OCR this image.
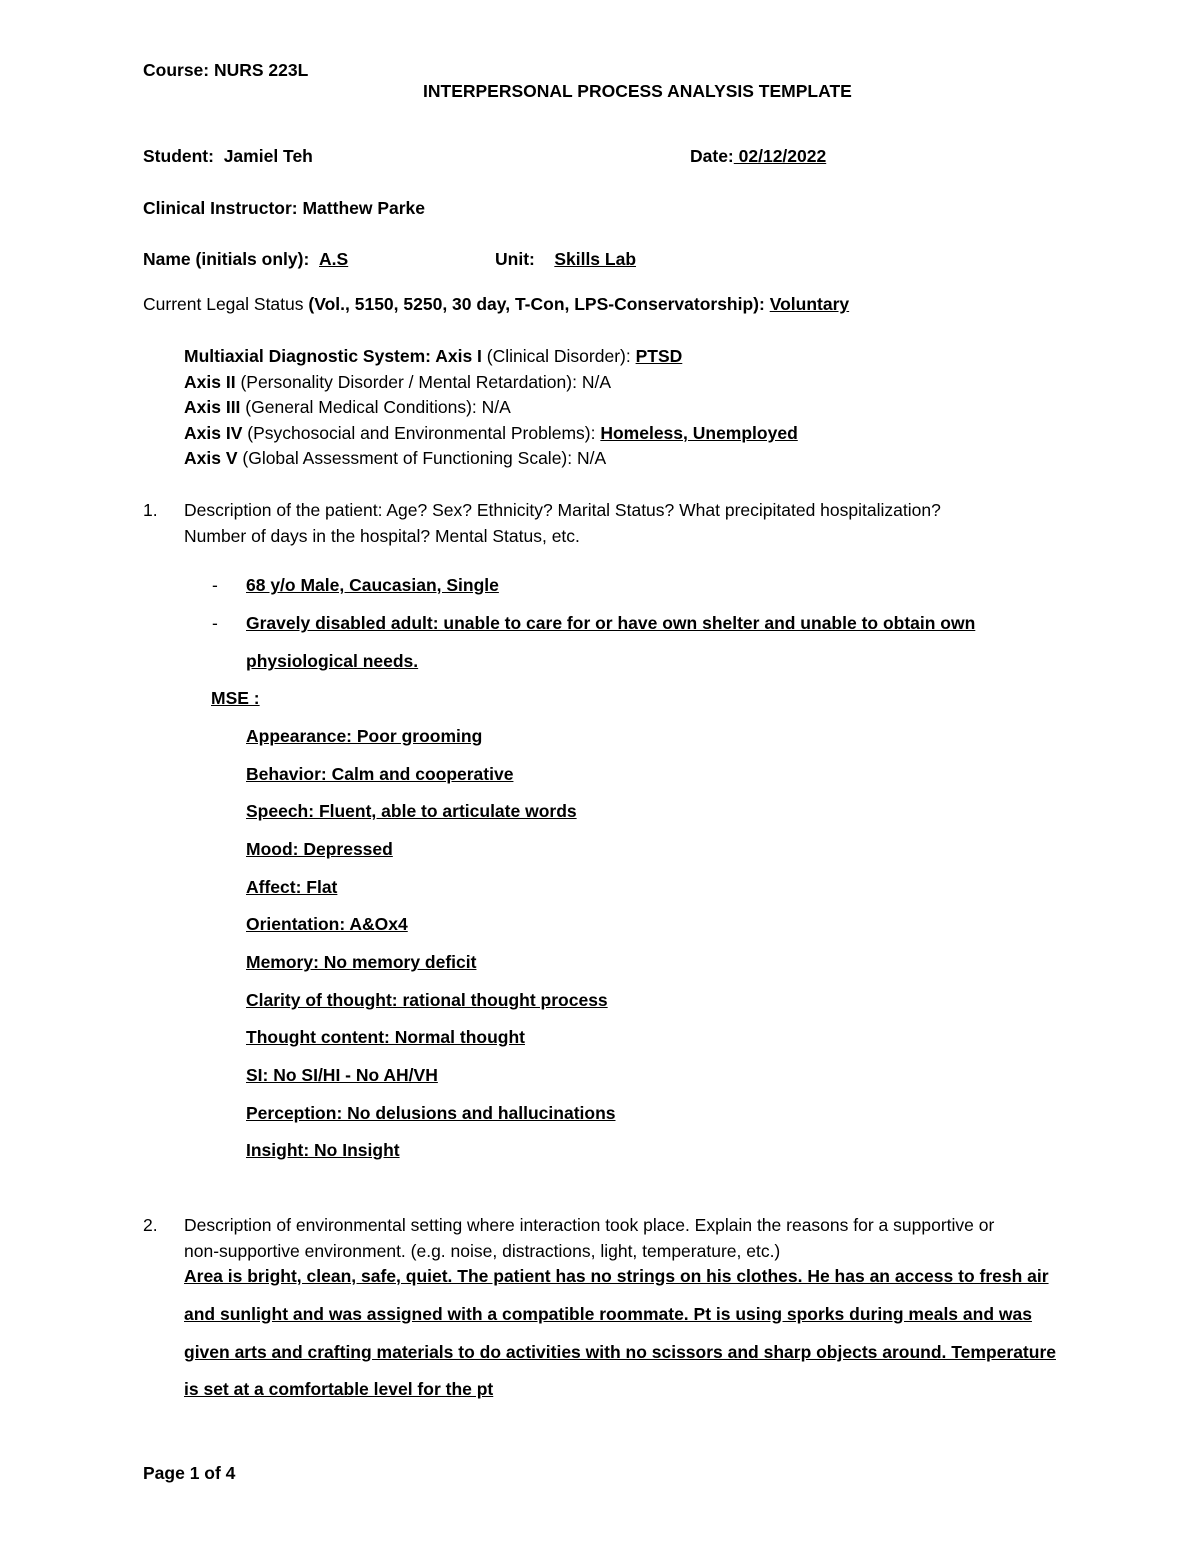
Course: NURS 223L
INTERPERSONAL PROCESS ANALYSIS TEMPLATE
Student: Jamiel Teh	Date: 02/12/2022
Clinical Instructor: Matthew Parke
Name (initials only):  A.S	Unit:    Skills Lab
Current Legal Status (Vol., 5150, 5250, 30 day, T-Con, LPS-Conservatorship): Voluntary
Multiaxial Diagnostic System: Axis I (Clinical Disorder): PTSD
Axis II (Personality Disorder / Mental Retardation): N/A
Axis III (General Medical Conditions): N/A
Axis IV (Psychosocial and Environmental Problems): Homeless, Unemployed
Axis V (Global Assessment of Functioning Scale): N/A
1. Description of the patient: Age? Sex? Ethnicity? Marital Status? What precipitated hospitalization?
Number of days in the hospital? Mental Status, etc.
- 68 y/o Male, Caucasian, Single
- Gravely disabled adult: unable to care for or have own shelter and unable to obtain own
physiological needs.
MSE :
Appearance: Poor grooming
Behavior: Calm and cooperative
Speech: Fluent, able to articulate words
Mood: Depressed
Affect: Flat
Orientation: A&Ox4
Memory: No memory deficit
Clarity of thought: rational thought process
Thought content: Normal thought
SI: No SI/HI - No AH/VH
Perception: No delusions and hallucinations
Insight: No Insight
2. Description of environmental setting where interaction took place. Explain the reasons for a supportive or
non-supportive environment. (e.g. noise, distractions, light, temperature, etc.)
Area is bright, clean, safe, quiet. The patient has no strings on his clothes. He has an access to fresh air
and sunlight and was assigned with a compatible roommate. Pt is using sporks during meals and was
given arts and crafting materials to do activities with no scissors and sharp objects around. Temperature
is set at a comfortable level for the pt
Page 1 of 4
